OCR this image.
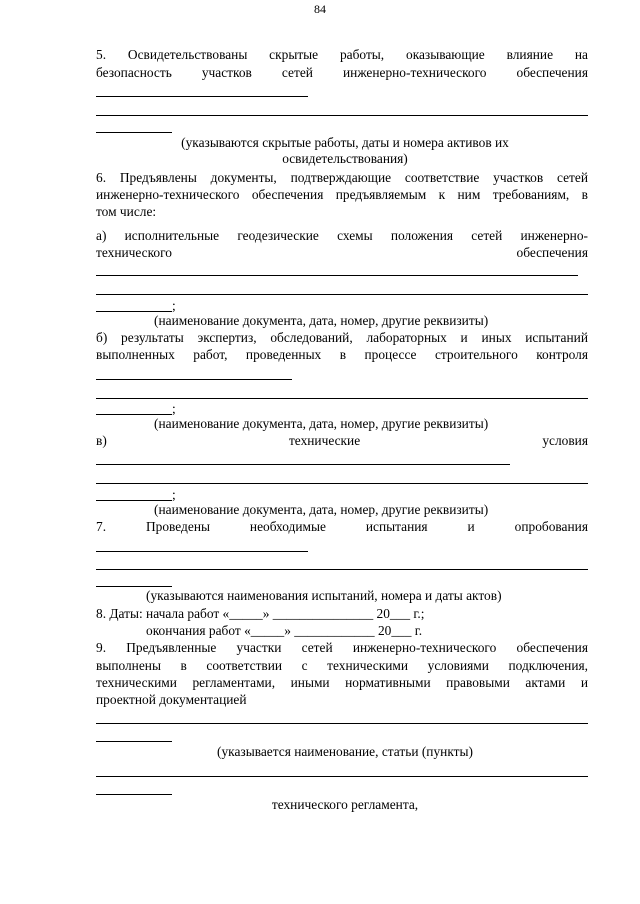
84
5. Освидетельствованы скрытые работы, оказывающие влияние на
безопасность участков сетей инженерно-технического обеспечения
(указываются скрытые работы, даты и номера активов их
освидетельствования)
6. Предъявлены документы, подтверждающие соответствие участков сетей
инженерно-технического обеспечения предъявляемым к ним требованиям, в
том числе:
а) исполнительные геодезические схемы положения сетей инженерно-
технического	обеспечения
;
(наименование документа, дата, номер, другие реквизиты)
б) результаты экспертиз, обследований, лабораторных и иных испытаний
выполненных работ, проведенных в процессе строительного контроля
;
(наименование документа, дата, номер, другие реквизиты)
в) технические условия
;
(наименование документа, дата, номер, другие реквизиты)
7. Проведены необходимые испытания и опробования
(указываются наименования испытаний, номера и даты актов)
8. Даты: начала работ «_____» _______________ 20___ г.;
окончания работ «_____» ____________ 20___ г.
9. Предъявленные участки сетей инженерно-технического обеспечения
выполнены в соответствии с техническими условиями подключения,
техническими регламентами, иными нормативными правовыми актами и
проектной документацией
(указывается наименование, статьи (пункты)
технического регламента,
